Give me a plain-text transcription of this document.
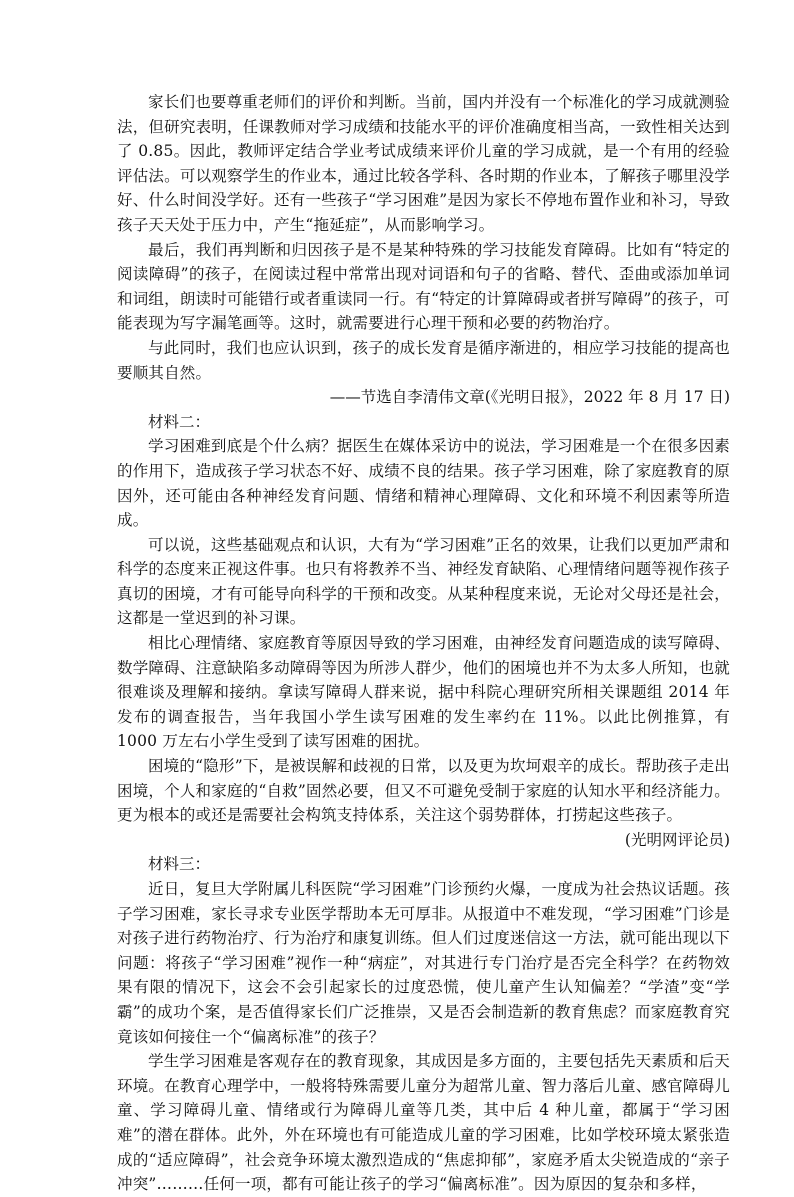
家长们也要尊重老师们的评价和判断。当前，国内并没有一个标准化的学习成就测验法，但研究表明，任课教师对学习成绩和技能水平的评价准确度相当高，一致性相关达到了 0.85。因此，教师评定结合学业考试成绩来评价儿童的学习成就，是一个有用的经验评估法。可以观察学生的作业本，通过比较各学科、各时期的作业本，了解孩子哪里没学好、什么时间没学好。还有一些孩子“学习困难”是因为家长不停地布置作业和补习，导致孩子天天处于压力中，产生“拖延症”，从而影响学习。

最后，我们再判断和归因孩子是不是某种特殊的学习技能发育障碍。比如有“特定的阅读障碍”的孩子，在阅读过程中常常出现对词语和句子的省略、替代、歪曲或添加单词和词组，朗读时可能错行或者重读同一行。有“特定的计算障碍或者拼写障碍”的孩子，可能表现为写字漏笔画等。这时，就需要进行心理干预和必要的药物治疗。

与此同时，我们也应认识到，孩子的成长发育是循序渐进的，相应学习技能的提高也要顺其自然。

——节选自李清伟文章(《光明日报》，2022 年 8 月 17 日)

材料二：

学习困难到底是个什么病？据医生在媒体采访中的说法，学习困难是一个在很多因素的作用下，造成孩子学习状态不好、成绩不良的结果。孩子学习困难，除了家庭教育的原因外，还可能由各种神经发育问题、情绪和精神心理障碍、文化和环境不利因素等所造成。

可以说，这些基础观点和认识，大有为“学习困难”正名的效果，让我们以更加严肃和科学的态度来正视这件事。也只有将教养不当、神经发育缺陷、心理情绪问题等视作孩子真切的困境，才有可能导向科学的干预和改变。从某种程度来说，无论对父母还是社会，这都是一堂迟到的补习课。

相比心理情绪、家庭教育等原因导致的学习困难，由神经发育问题造成的读写障碍、数学障碍、注意缺陷多动障碍等因为所涉人群少，他们的困境也并不为太多人所知，也就很难谈及理解和接纳。拿读写障碍人群来说，据中科院心理研究所相关课题组 2014 年发布的调查报告，当年我国小学生读写困难的发生率约在 11%。以此比例推算，有 1000 万左右小学生受到了读写困难的困扰。

困境的“隐形”下，是被误解和歧视的日常，以及更为坎坷艰辛的成长。帮助孩子走出困境，个人和家庭的“自救”固然必要，但又不可避免受制于家庭的认知水平和经济能力。更为根本的或还是需要社会构筑支持体系，关注这个弱势群体，打捞起这些孩子。

(光明网评论员)

材料三：

近日，复旦大学附属儿科医院“学习困难”门诊预约火爆，一度成为社会热议话题。孩子学习困难，家长寻求专业医学帮助本无可厚非。从报道中不难发现，“学习困难”门诊是对孩子进行药物治疗、行为治疗和康复训练。但人们过度迷信这一方法，就可能出现以下问题：将孩子“学习困难”视作一种“病症”，对其进行专门治疗是否完全科学？在药物效果有限的情况下，这会不会引起家长的过度恐慌，使儿童产生认知偏差？“学渣”变“学霸”的成功个案，是否值得家长们广泛推崇，又是否会制造新的教育焦虑？而家庭教育究竟该如何接住一个“偏离标准”的孩子？

学生学习困难是客观存在的教育现象，其成因是多方面的，主要包括先天素质和后天环境。在教育心理学中，一般将特殊需要儿童分为超常儿童、智力落后儿童、感官障碍儿童、学习障碍儿童、情绪或行为障碍儿童等几类，其中后 4 种儿童，都属于“学习困难”的潜在群体。此外，外在环境也有可能造成儿童的学习困难，比如学校环境太紧张造成的“适应障碍”，社会竞争环境太激烈造成的“焦虑抑郁”，家庭矛盾太尖锐造成的“亲子冲突”………任何一项，都有可能让孩子的学习“偏离标准”。因为原因的复杂和多样，
